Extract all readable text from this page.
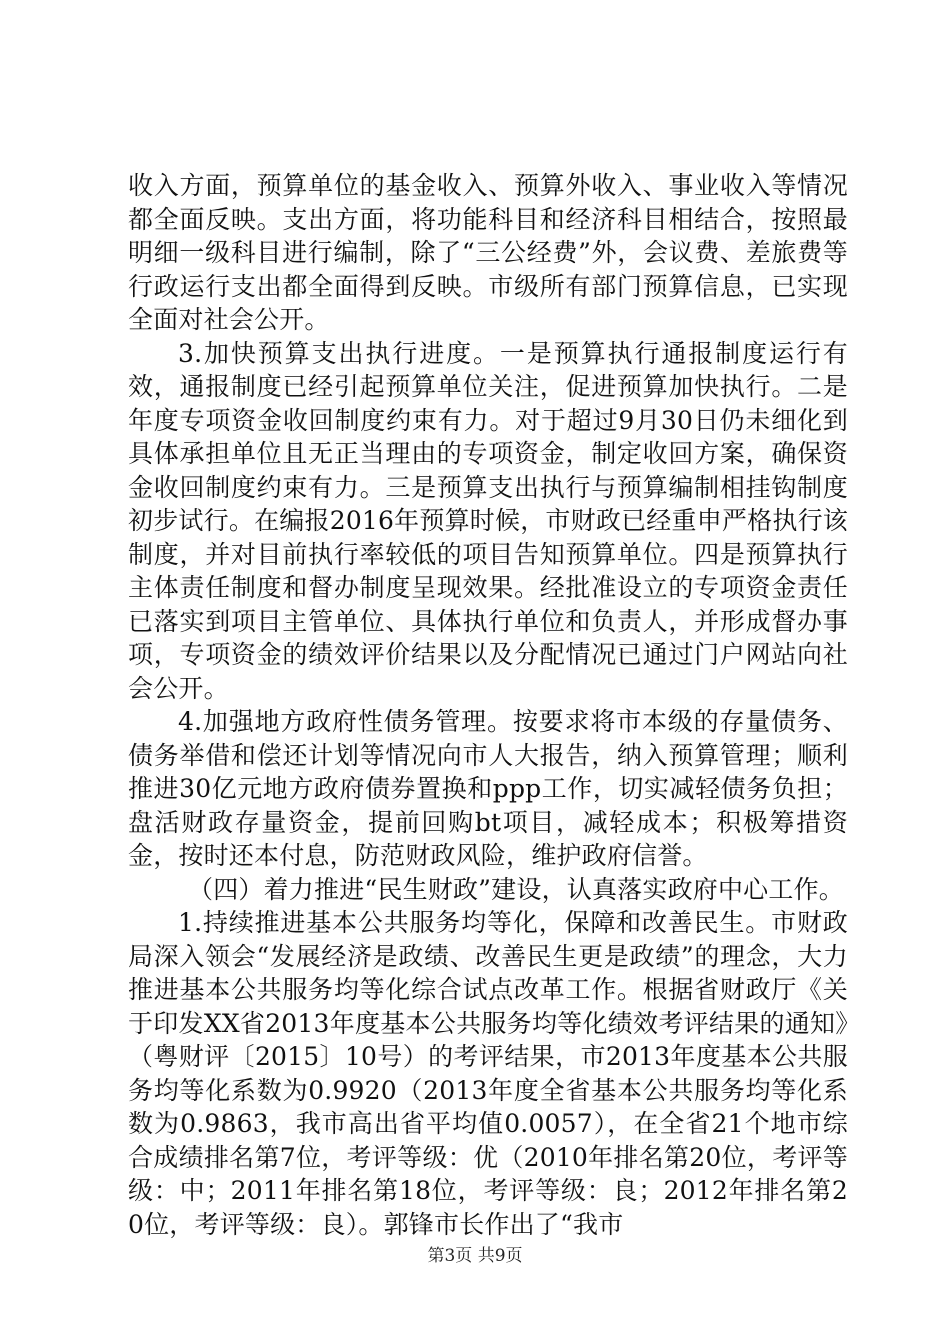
收入方面，预算单位的基金收入、预算外收入、事业收入等情况都全面反映。支出方面，将功能科目和经济科目相结合，按照最明细一级科目进行编制，除了“三公经费”外，会议费、差旅费等行政运行支出都全面得到反映。市级所有部门预算信息，已实现全面对社会公开。

3.加快预算支出执行进度。一是预算执行通报制度运行有效，通报制度已经引起预算单位关注，促进预算加快执行。二是年度专项资金收回制度约束有力。对于超过9月30日仍未细化到具体承担单位且无正当理由的专项资金，制定收回方案，确保资金收回制度约束有力。三是预算支出执行与预算编制相挂钩制度初步试行。在编报2016年预算时候，市财政已经重申严格执行该制度，并对目前执行率较低的项目告知预算单位。四是预算执行主体责任制度和督办制度呈现效果。经批准设立的专项资金责任已落实到项目主管单位、具体执行单位和负责人，并形成督办事项，专项资金的绩效评价结果以及分配情况已通过门户网站向社会公开。

4.加强地方政府性债务管理。按要求将市本级的存量债务、债务举借和偿还计划等情况向市人大报告，纳入预算管理；顺利推进30亿元地方政府债券置换和ppp工作，切实减轻债务负担；盘活财政存量资金，提前回购bt项目，减轻成本；积极筹措资金，按时还本付息，防范财政风险，维护政府信誉。

（四）着力推进“民生财政”建设，认真落实政府中心工作。

1.持续推进基本公共服务均等化，保障和改善民生。市财政局深入领会“发展经济是政绩、改善民生更是政绩”的理念，大力推进基本公共服务均等化综合试点改革工作。根据省财政厅《关于印发XX省2013年度基本公共服务均等化绩效考评结果的通知》（粤财评〔2015〕10号）的考评结果，市2013年度基本公共服务均等化系数为0.9920（2013年度全省基本公共服务均等化系数为0.9863，我市高出省平均值0.0057），在全省21个地市综合成绩排名第7位，考评等级：优（2010年排名第20位，考评等级：中；2011年排名第18位，考评等级：良；2012年排名第20位，考评等级：良）。郭锋市长作出了“我市

第3页 共9页
